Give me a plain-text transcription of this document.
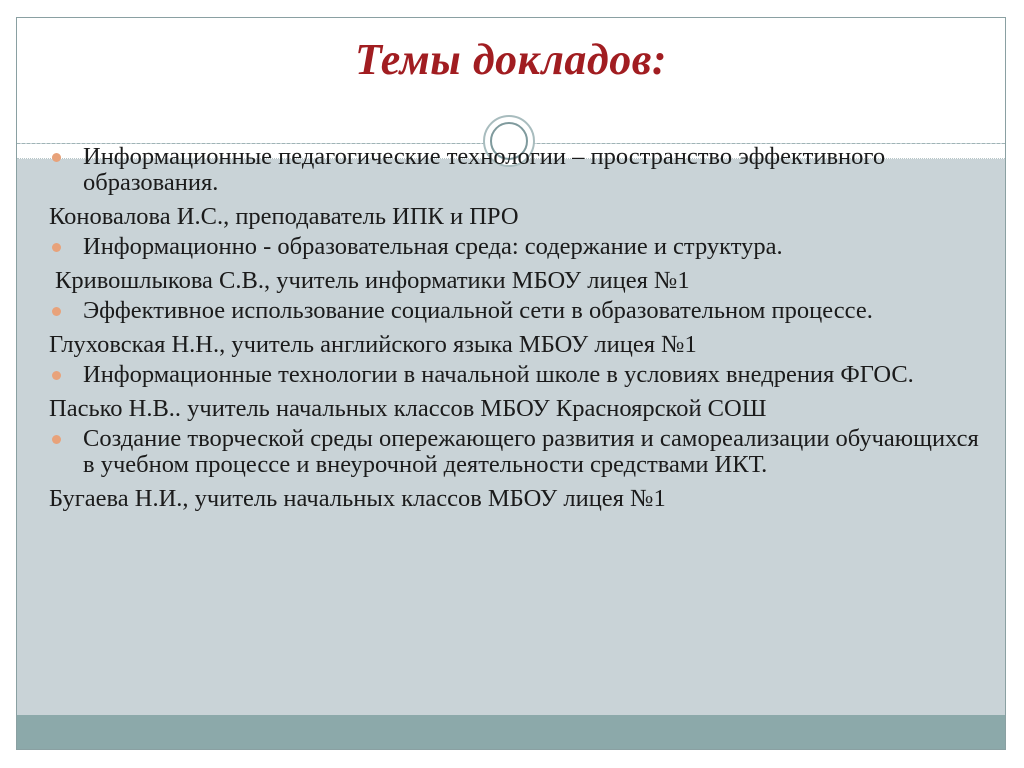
Темы докладов:
Информационные педагогические технологии – пространство эффективного образования.
Коновалова И.С., преподаватель ИПК и ПРО
Информационно - образовательная среда: содержание и структура.
Кривошлыкова С.В., учитель информатики МБОУ лицея №1
Эффективное использование социальной сети в образовательном процессе.
Глуховская Н.Н., учитель английского языка МБОУ лицея №1
Информационные технологии в начальной школе в условиях внедрения ФГОС.
Пасько Н.В.. учитель начальных классов МБОУ Красноярской СОШ
Создание творческой среды опережающего развития и самореализации обучающихся в учебном процессе и внеурочной деятельности средствами ИКТ.
Бугаева Н.И., учитель начальных классов МБОУ лицея №1
